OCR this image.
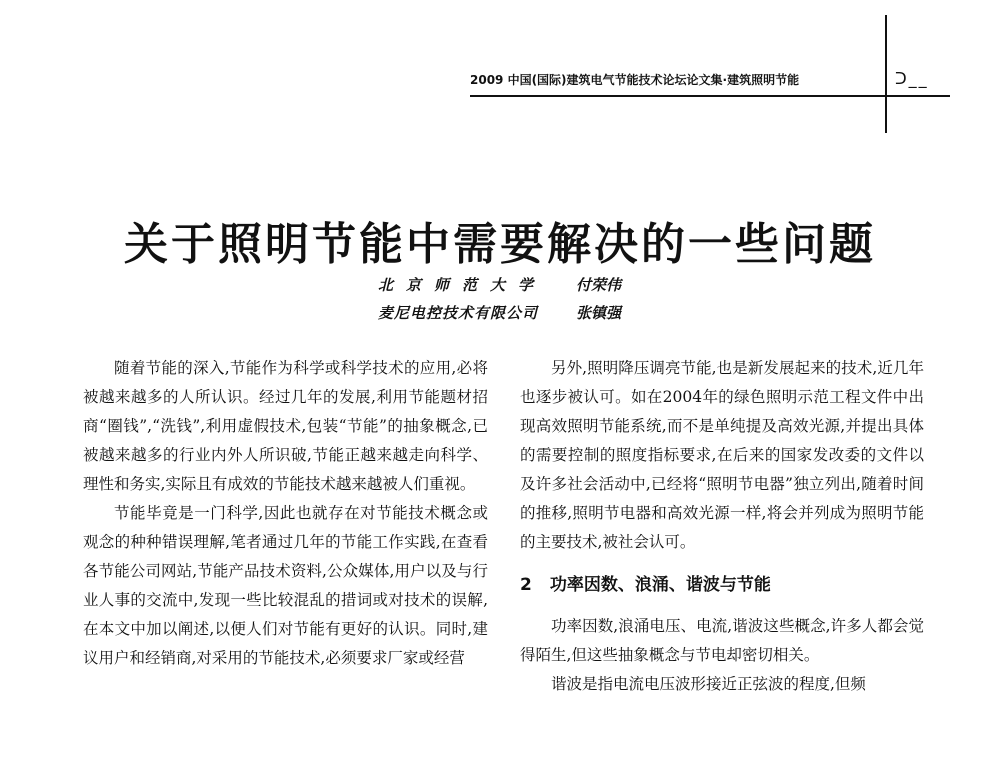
2009 中国(国际)建筑电气节能技术论坛论文集·建筑照明节能	ᑐ__
关于照明节能中需要解决的一些问题
北京师范大学 付荣伟
麦尼电控技术有限公司	张镇强

随着节能的深入,节能作为科学或科学技术的应用,必将被越来越多的人所认识。经过几年的发展,利用节能题材招商“圈钱”,“洗钱”,利用虚假技术,包装“节能”的抽象概念,已被越来越多的行业内外人所识破,节能正越来越走向科学、理性和务实,实际且有成效的节能技术越来越被人们重视。

节能毕竟是一门科学,因此也就存在对节能技术概念或观念的种种错误理解,笔者通过几年的节能工作实践,在查看各节能公司网站,节能产品技术资料,公众媒体,用户以及与行业人事的交流中,发现一些比较混乱的措词或对技术的误解,在本文中加以阐述,以便人们对节能有更好的认识。同时,建议用户和经销商,对采用的节能技术,必须要求厂家或经营

另外,照明降压调亮节能,也是新发展起来的技术,近几年也逐步被认可。如在2004年的绿色照明示范工程文件中出现高效照明节能系统,而不是单纯提及高效光源,并提出具体的需要控制的照度指标要求,在后来的国家发改委的文件以及许多社会活动中,已经将“照明节电器”独立列出,随着时间的推移,照明节电器和高效光源一样,将会并列成为照明节能的主要技术,被社会认可。

2 功率因数、浪涌、谐波与节能

功率因数,浪涌电压、电流,谐波这些概念,许多人都会觉得陌生,但这些抽象概念与节电却密切相关。

谐波是指电流电压波形接近正弦波的程度,但频
